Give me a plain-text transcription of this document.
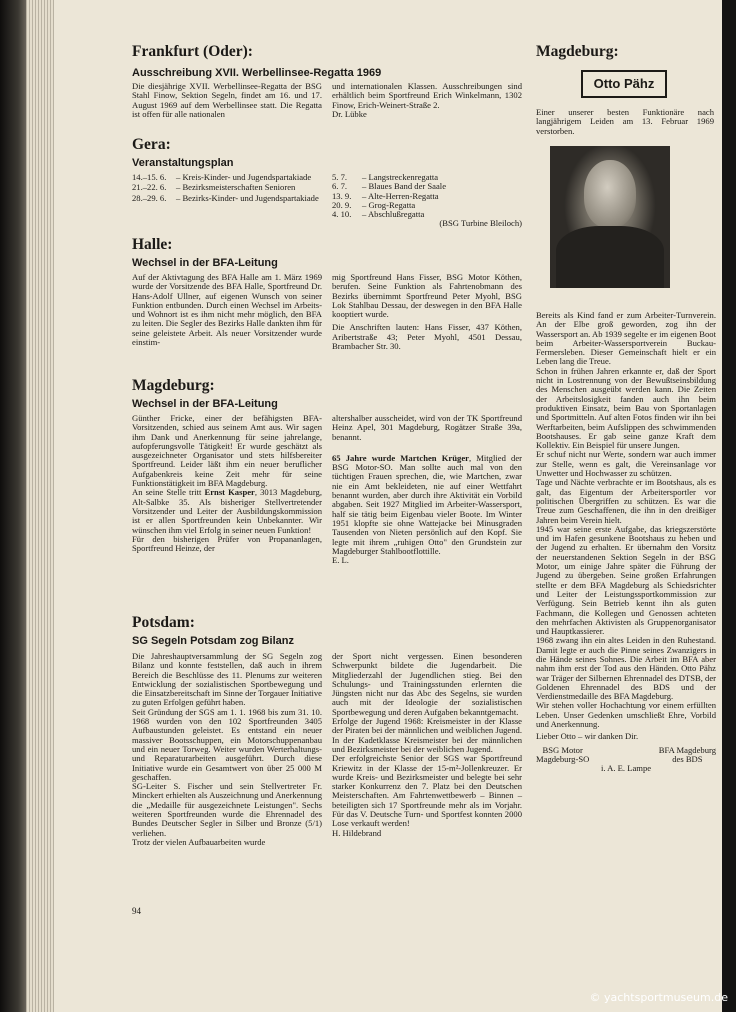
Frankfurt (Oder):
Ausschreibung XVII. Werbellinsee-Regatta 1969

Die diesjährige XVII. Werbellinsee-Regatta der BSG Stahl Finow, Sektion Segeln, findet am 16. und 17. August 1969 auf dem Werbellinsee statt. Die Regatta ist offen für alle nationalen

und internationalen Klassen. Ausschreibungen sind erhältlich beim Sportfreund Erich Winkelmann, 1302 Finow, Erich-Weinert-Straße 2.

Dr. Lübke

Gera:
Veranstaltungsplan
14.–15. 6.	– Kreis-Kinder- und Jugendspartakiade
21.–22. 6.	– Bezirksmeisterschaften Senioren
28.–29. 6.	– Bezirks-Kinder- und Jugendspartakiade
5. 7.	– Langstreckenregatta
6. 7.	– Blaues Band der Saale
13. 9.	– Alte-Herren-Regatta
20. 9.	– Grog-Regatta
4. 10.	– Abschlußregatta
(BSG Turbine Bleiloch)
Halle:
Wechsel in der BFA-Leitung

Auf der Aktivtagung des BFA Halle am 1. März 1969 wurde der Vorsitzende des BFA Halle, Sportfreund Dr. Hans-Adolf Ullner, auf eigenen Wunsch von seiner Funktion entbunden. Durch einen Wechsel im Arbeits- und Wohnort ist es ihm nicht mehr möglich, den BFA zu leiten. Die Segler des Bezirks Halle dankten ihm für seine geleistete Arbeit. Als neuer Vorsitzender wurde einstim-

mig Sportfreund Hans Fisser, BSG Motor Köthen, berufen. Seine Funktion als Fahrtenobmann des Bezirks übernimmt Sportfreund Peter Myohl, BSG Lok Stahlbau Dessau, der deswegen in den BFA Halle kooptiert wurde.

Die Anschriften lauten: Hans Fisser, 437 Köthen, Aribertstraße 43; Peter Myohl, 4501 Dessau, Brambacher Str. 30.

Magdeburg:
Wechsel in der BFA-Leitung

Günther Fricke, einer der befähigsten BFA-Vorsitzenden, schied aus seinem Amt aus. Wir sagen ihm Dank und Anerkennung für seine jahrelange, aufopferungsvolle Tätigkeit! Er wurde geschätzt als ausgezeichneter Organisator und stets hilfsbereiter Sportfreund. Leider läßt ihm ein neuer beruflicher Aufgabenkreis keine Zeit mehr für seine Funktionstätigkeit im BFA Magdeburg.

An seine Stelle tritt Ernst Kasper, 3013 Magdeburg, Alt-Salbke 35. Als bisheriger Stellvertretender Vorsitzender und Leiter der Ausbildungskommission ist er allen Sportfreunden kein Unbekannter. Wir wünschen ihm viel Erfolg in seiner neuen Funktion!

Für den bisherigen Prüfer von Propananlagen, Sportfreund Heinze, der

altershalber ausscheidet, wird von der TK Sportfreund Heinz Apel, 301 Magdeburg, Rogätzer Straße 39a, benannt.

65 Jahre wurde Martchen Krüger, Mitglied der BSG Motor-SO. Man sollte auch mal von den tüchtigen Frauen sprechen, die, wie Martchen, zwar nie ein Amt bekleideten, nie auf einer Wettfahrt benannt wurden, aber durch ihre Aktivität ein Vorbild abgaben. Seit 1927 Mitglied im Arbeiter-Wassersport, half sie tätig beim Eigenbau vieler Boote. Im Winter 1951 klopfte sie ohne Wattejacke bei Minusgraden Tausenden von Nieten persönlich auf den Kopf. Sie legte mit ihrem „ruhigen Otto" den Grundstein zur Magdeburger Stahlbootflottille.

E. L.

Potsdam:
SG Segeln Potsdam zog Bilanz

Die Jahreshauptversammlung der SG Segeln zog Bilanz und konnte feststellen, daß auch in ihrem Bereich die Beschlüsse des 11. Plenums zur weiteren Entwicklung der sozialistischen Sportbewegung und die Einsatzbereitschaft im Sinne der Torgauer Initiative zu guten Erfolgen geführt haben.

Seit Gründung der SGS am 1. 1. 1968 bis zum 31. 10. 1968 wurden von den 102 Sportfreunden 3405 Aufbaustunden geleistet. Es entstand ein neuer massiver Bootsschuppen, ein Motorschuppenanbau und ein neuer Torweg. Weiter wurden Werterhaltungs- und Reparaturarbeiten ausgeführt. Durch diese Initiative wurde ein Gesamtwert von über 25 000 M geschaffen.

SG-Leiter S. Fischer und sein Stellvertreter Fr. Minckert erhielten als Auszeichnung und Anerkennung die „Medaille für ausgezeichnete Leistungen". Sechs weiteren Sportfreunden wurde die Ehrennadel des Bundes Deutscher Segler in Silber und Bronze (5/1) verliehen.

Trotz der vielen Aufbauarbeiten wurde

der Sport nicht vergessen. Einen besonderen Schwerpunkt bildete die Jugendarbeit. Die Mitgliederzahl der Jugendlichen stieg. Bei den Schulungs- und Trainingsstunden erlernten die Jüngsten nicht nur das Abc des Segelns, sie wurden auch mit der Ideologie der sozialistischen Sportbewegung und deren Aufgaben bekanntgemacht.

Erfolge der Jugend 1968: Kreismeister in der Klasse der Piraten bei der männlichen und weiblichen Jugend. In der Kadetklasse Kreismeister bei der männlichen und Bezirksmeister bei der weiblichen Jugend.

Der erfolgreichste Senior der SGS war Sportfreund Kriewitz in der Klasse der 15-m²-Jollenkreuzer. Er wurde Kreis- und Bezirksmeister und belegte bei sehr starker Konkurrenz den 7. Platz bei den Deutschen Meisterschaften. Am Fahrtenwettbewerb – Binnen – beteiligten sich 17 Sportfreunde mehr als im Vorjahr. Für das V. Deutsche Turn- und Sportfest konnten 2000 Lose verkauft werden!

H. Hildebrand

94
Magdeburg:
Otto Pähz

Einer unserer besten Funktionäre nach langjährigem Leiden am 13. Februar 1969 verstorben.

Bereits als Kind fand er zum Arbeiter-Turnverein. An der Elbe groß geworden, zog ihn der Wassersport an. Ab 1939 segelte er im eigenen Boot beim Arbeiter-Wassersportverein Buckau-Fermersleben. Dieser Gemeinschaft hielt er ein Leben lang die Treue.

Schon in frühen Jahren erkannte er, daß der Sport nicht in Lostrennung von der Bewußtseinsbildung des Menschen ausgeübt werden kann. Die Zeiten der Arbeitslosigkeit fanden auch ihn beim produktiven Einsatz, beim Bau von Sportanlagen und Sportmitteln. Auf alten Fotos finden wir ihn bei Werftarbeiten, beim Aufslippen des schwimmenden Bootshauses. Er gab seine ganze Kraft dem Kollektiv. Ein Beispiel für unsere Jungen.

Er schuf nicht nur Werte, sondern war auch immer zur Stelle, wenn es galt, die Vereinsanlage vor Unwetter und Hochwasser zu schützen.

Tage und Nächte verbrachte er im Bootshaus, als es galt, das Eigentum der Arbeitersportler vor politischen Übergriffen zu schützen. Es war die Treue zum Geschaffenen, die ihn in den dreißiger Jahren beim Verein hielt.

1945 war seine erste Aufgabe, das kriegszerstörte und im Hafen gesunkene Bootshaus zu heben und der Jugend zu erhalten. Er übernahm den Vorsitz der neuerstandenen Sektion Segeln in der BSG Motor, um einige Jahre später die Führung der Jugend zu übergeben. Seine großen Erfahrungen stellte er dem BFA Magdeburg als Schiedsrichter und Leiter der Leistungssportkommission zur Verfügung. Sein Betrieb kennt ihn als guten Fachmann, die Kollegen und Genossen achteten den mehrfachen Aktivisten als Gruppenorganisator und Hauptkassierer.

1968 zwang ihn ein altes Leiden in den Ruhestand. Damit legte er auch die Pinne seines Zwanzigers in die Hände seines Sohnes. Die Arbeit im BFA aber nahm ihm erst der Tod aus den Händen. Otto Pähz war Träger der Silbernen Ehrennadel des DTSB, der Goldenen Ehrennadel des BDS und der Verdienstmedaille des BFA Magdeburg.

Wir stehen voller Hochachtung vor einem erfüllten Leben. Unser Gedenken umschließt Ehre, Vorbild und Anerkennung.

Lieber Otto – wir danken Dir.

BSG Motor
Magdeburg-SO
BFA Magdeburg
des BDS
i. A. E. Lampe
© yachtsportmuseum.de
